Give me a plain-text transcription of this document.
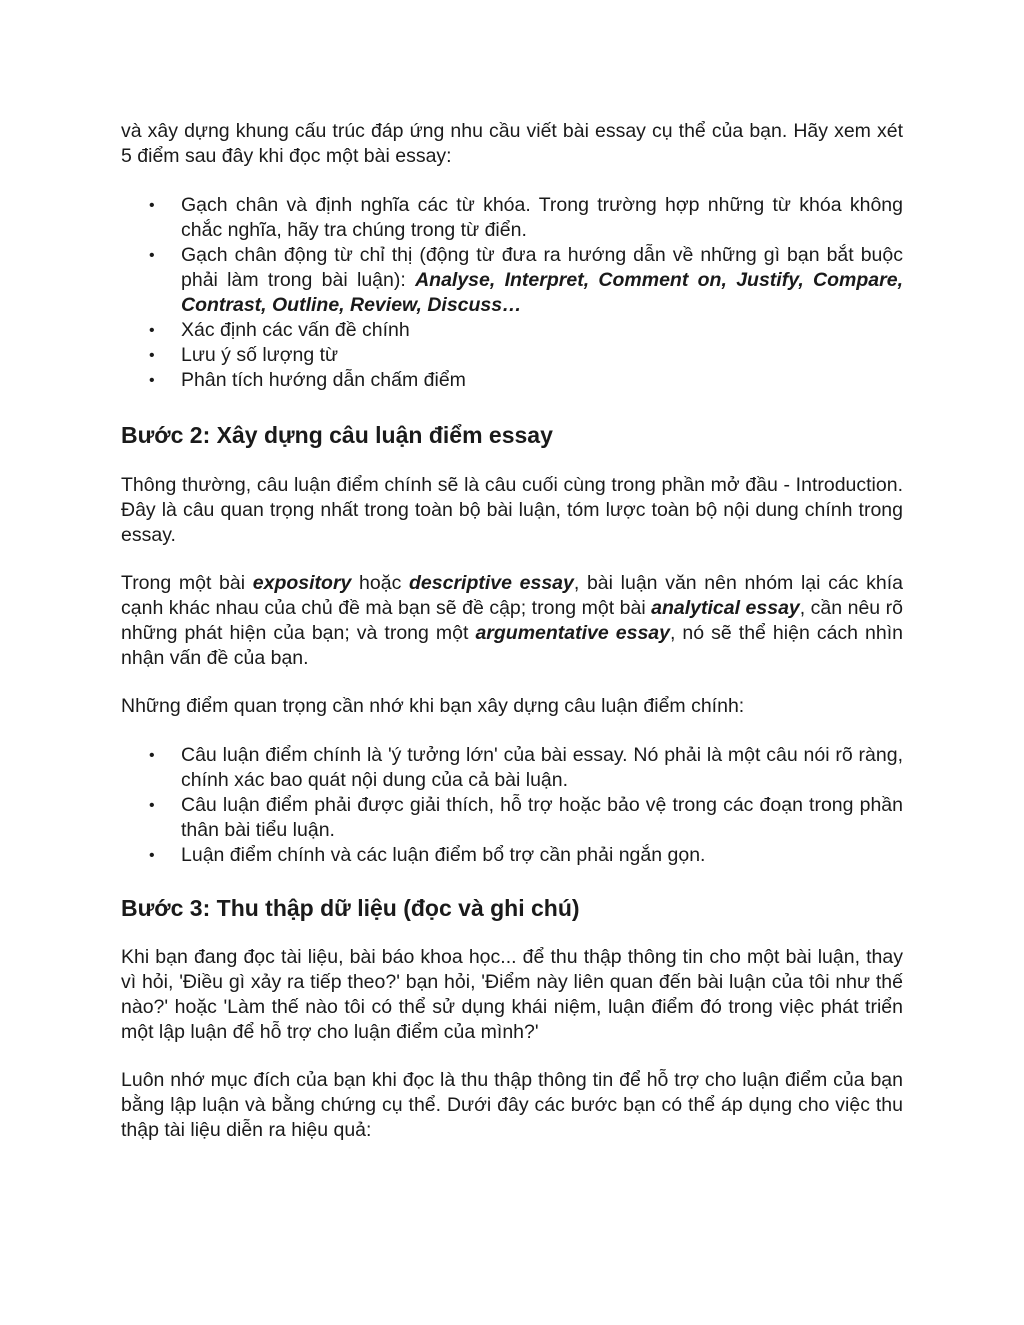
và xây dựng khung cấu trúc đáp ứng nhu cầu viết bài essay cụ thể của bạn. Hãy xem xét 5 điểm sau đây khi đọc một bài essay:

• Gạch chân và định nghĩa các từ khóa. Trong trường hợp những từ khóa không chắc nghĩa, hãy tra chúng trong từ điển.
• Gạch chân động từ chỉ thị (động từ đưa ra hướng dẫn về những gì bạn bắt buộc phải làm trong bài luận): Analyse, Interpret, Comment on, Justify, Compare, Contrast, Outline, Review, Discuss…
• Xác định các vấn đề chính
• Lưu ý số lượng từ
• Phân tích hướng dẫn chấm điểm
Bước 2: Xây dựng câu luận điểm essay

Thông thường, câu luận điểm chính sẽ là câu cuối cùng trong phần mở đầu - Introduction. Đây là câu quan trọng nhất trong toàn bộ bài luận, tóm lược toàn bộ nội dung chính trong essay.

Trong một bài expository hoặc descriptive essay, bài luận văn nên nhóm lại các khía cạnh khác nhau của chủ đề mà bạn sẽ đề cập; trong một bài analytical essay, cần nêu rõ những phát hiện của bạn; và trong một argumentative essay, nó sẽ thể hiện cách nhìn nhận vấn đề của bạn.

Những điểm quan trọng cần nhớ khi bạn xây dựng câu luận điểm chính:

• Câu luận điểm chính là 'ý tưởng lớn' của bài essay. Nó phải là một câu nói rõ ràng, chính xác bao quát nội dung của cả bài luận.
• Câu luận điểm phải được giải thích, hỗ trợ hoặc bảo vệ trong các đoạn trong phần thân bài tiểu luận.
• Luận điểm chính và các luận điểm bổ trợ cần phải ngắn gọn.
Bước 3: Thu thập dữ liệu (đọc và ghi chú)

Khi bạn đang đọc tài liệu, bài báo khoa học... để thu thập thông tin cho một bài luận, thay vì hỏi, 'Điều gì xảy ra tiếp theo?' bạn hỏi, 'Điểm này liên quan đến bài luận của tôi như thế nào?' hoặc 'Làm thế nào tôi có thể sử dụng khái niệm, luận điểm đó trong việc phát triển một lập luận để hỗ trợ cho luận điểm của mình?'

Luôn nhớ mục đích của bạn khi đọc là thu thập thông tin để hỗ trợ cho luận điểm của bạn bằng lập luận và bằng chứng cụ thể. Dưới đây các bước bạn có thể áp dụng cho việc thu thập tài liệu diễn ra hiệu quả:
